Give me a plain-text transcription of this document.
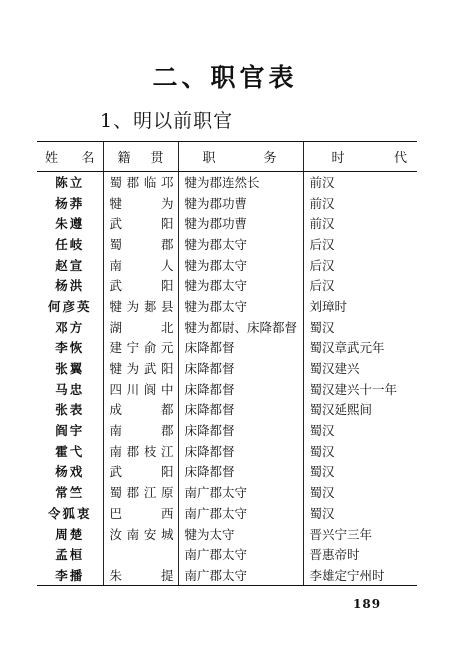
二、职官表
1、明以前职官
姓　名	籍　贯	职　　务	时　代
陈立	蜀郡临邛	犍为郡连然长	前汉
杨莽	犍　为	犍为郡功曹	前汉
朱遵	武　阳	犍为郡功曹	前汉
任岐	蜀　郡	犍为郡太守	后汉
赵宣	南　人	犍为郡太守	后汉
杨洪	武　阳	犍为郡太守	后汉
何彦英	犍为郪县	犍为郡太守	刘璋时
邓方	湖　北	犍为都尉、床降都督	蜀汉
李恢	建宁俞元	床降都督	蜀汉章武元年
张翼	犍为武阳	床降都督	蜀汉建兴
马忠	四川阆中	床降都督	蜀汉建兴十一年
张表	成　都	床降都督	蜀汉延熙间
阎宇	南　郡	床降都督	蜀汉
霍弋	南郡枝江	床降都督	蜀汉
杨戏	武　阳	床降都督	蜀汉
常竺	蜀郡江原	南广郡太守	蜀汉
令狐衷	巴　西	南广郡太守	蜀汉
周楚	汝南安城	犍为太守	晋兴宁三年
孟桓		南广郡太守	晋惠帝时
李播	朱　提	南广郡太守	李雄定宁州时
189
